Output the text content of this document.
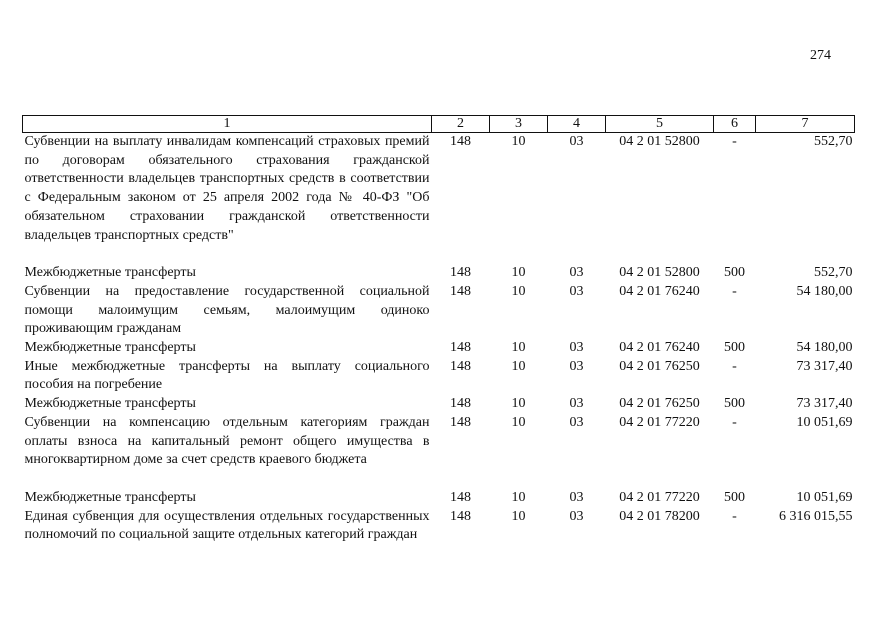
274
1	2	3	4	5	6	7
Субвенции на выплату инвалидам компенсаций страховых премий по договорам обязательного страхования гражданской ответственности владельцев транспортных средств в соответствии с Федеральным законом от 25 апреля 2002 года № 40-ФЗ "Об обязательном страховании гражданской ответственности владельцев транспортных средств"	148	10	03	04 2 01 52800	-	552,70

Межбюджетные трансферты	148	10	03	04 2 01 52800	500	552,70
Субвенции на предоставление государственной социальной помощи малоимущим семьям, малоимущим одиноко проживающим гражданам	148	10	03	04 2 01 76240	-	54 180,00
Межбюджетные трансферты	148	10	03	04 2 01 76240	500	54 180,00
Иные межбюджетные трансферты на выплату социального пособия на погребение	148	10	03	04 2 01 76250	-	73 317,40
Межбюджетные трансферты	148	10	03	04 2 01 76250	500	73 317,40
Субвенции на компенсацию отдельным категориям граждан оплаты взноса на капитальный ремонт общего имущества в многоквартирном доме за счет средств краевого бюджета	148	10	03	04 2 01 77220	-	10 051,69

Межбюджетные трансферты	148	10	03	04 2 01 77220	500	10 051,69
Единая субвенция для осуществления отдельных государственных полномочий по социальной защите отдельных категорий граждан	148	10	03	04 2 01 78200	-	6 316 015,55
